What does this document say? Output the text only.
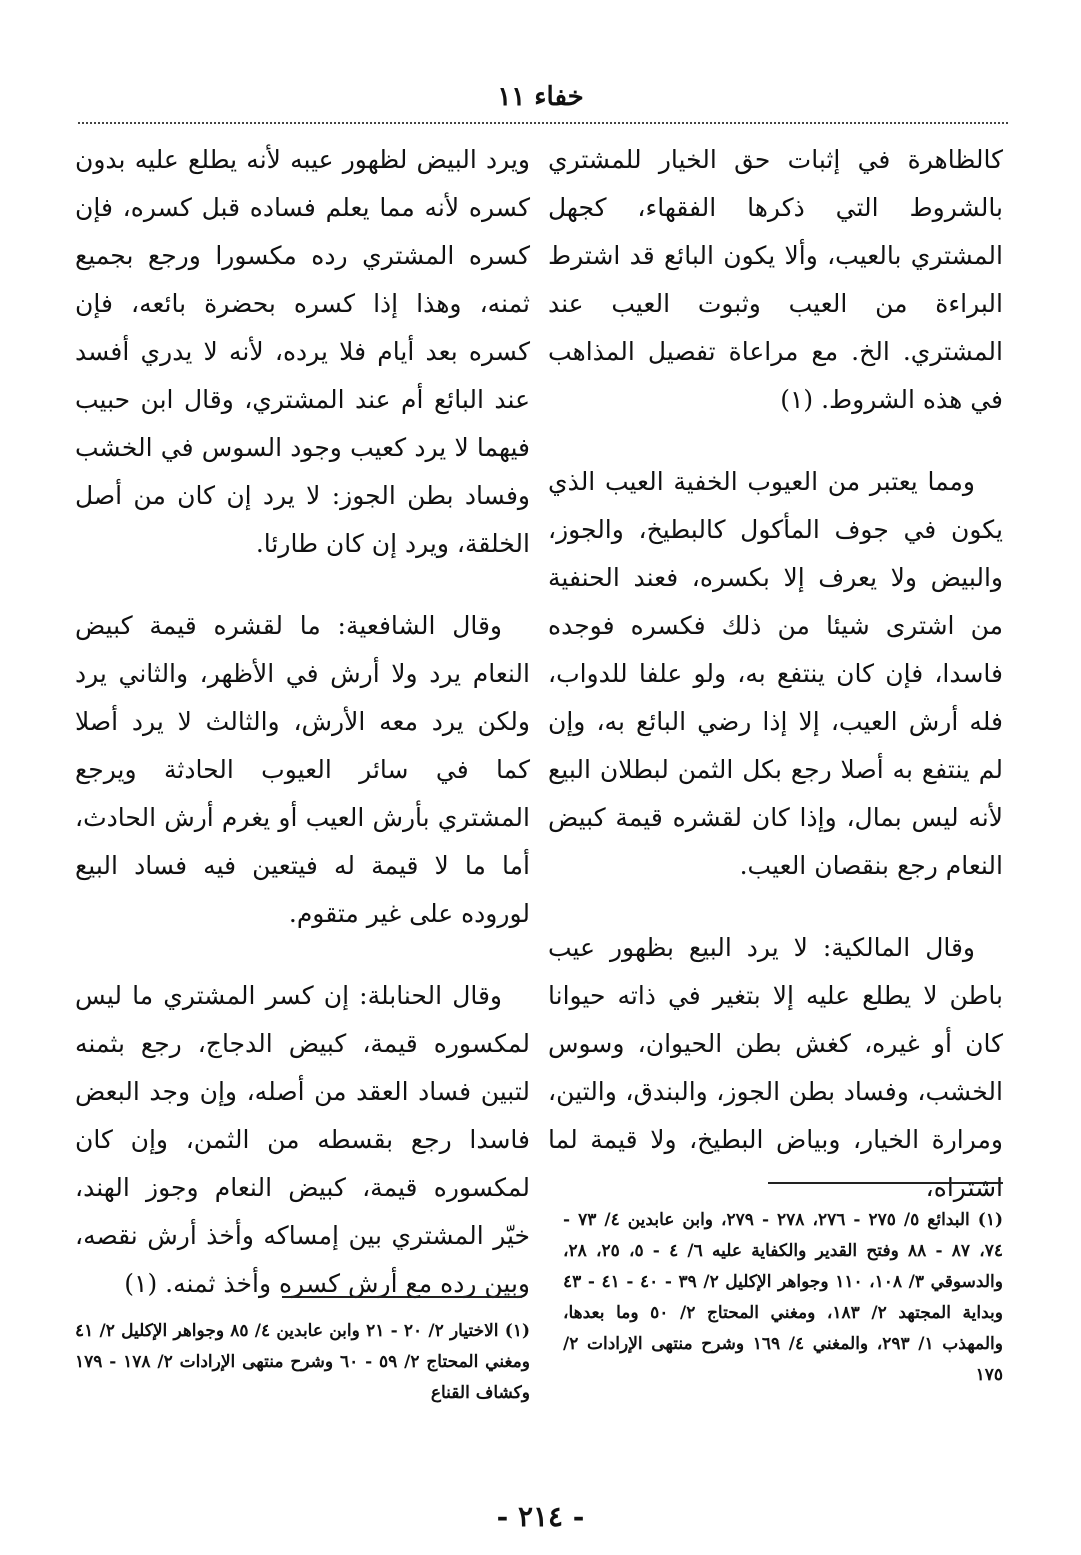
خفاء ١١

كالظاهرة في إثبات حق الخيار للمشتري بالشروط التي ذكرها الفقهاء، كجهل المشتري بالعيب، وألا يكون البائع قد اشترط البراءة من العيب وثبوت العيب عند المشتري. الخ. مع مراعاة تفصيل المذاهب في هذه الشروط. (١)

ومما يعتبر من العيوب الخفية العيب الذي يكون في جوف المأكول كالبطيخ، والجوز، والبيض ولا يعرف إلا بكسره، فعند الحنفية من اشترى شيئا من ذلك فكسره فوجده فاسدا، فإن كان ينتفع به، ولو علفا للدواب، فله أرش العيب، إلا إذا رضي البائع به، وإن لم ينتفع به أصلا رجع بكل الثمن لبطلان البيع لأنه ليس بمال، وإذا كان لقشره قيمة كبيض النعام رجع بنقصان العيب.

وقال المالكية: لا يرد البيع بظهور عيب باطن لا يطلع عليه إلا بتغير في ذاته حيوانا كان أو غيره، كغش بطن الحيوان، وسوس الخشب، وفساد بطن الجوز، والبندق، والتين، ومرارة الخيار، وبياض البطيخ، ولا قيمة لما اشتراه،

ويرد البيض لظهور عيبه لأنه يطلع عليه بدون كسره لأنه مما يعلم فساده قبل كسره، فإن كسره المشتري رده مكسورا ورجع بجميع ثمنه، وهذا إذا كسره بحضرة بائعه، فإن كسره بعد أيام فلا يرده، لأنه لا يدري أفسد عند البائع أم عند المشتري، وقال ابن حبيب فيهما لا يرد كعيب وجود السوس في الخشب وفساد بطن الجوز: لا يرد إن كان من أصل الخلقة، ويرد إن كان طارئا.

وقال الشافعية: ما لقشره قيمة كبيض النعام يرد ولا أرش في الأظهر، والثاني يرد ولكن يرد معه الأرش، والثالث لا يرد أصلا كما في سائر العيوب الحادثة ويرجع المشتري بأرش العيب أو يغرم أرش الحادث، أما ما لا قيمة له فيتعين فيه فساد البيع لوروده على غير متقوم.

وقال الحنابلة: إن كسر المشتري ما ليس لمكسوره قيمة، كبيض الدجاج، رجع بثمنه لتبين فساد العقد من أصله، وإن وجد البعض فاسدا رجع بقسطه من الثمن، وإن كان لمكسوره قيمة، كبيض النعام وجوز الهند، خيّر المشتري بين إمساكه وأخذ أرش نقصه، وبين رده مع أرش كسره وأخذ ثمنه. (١)

(١) البدائع ٥/ ٢٧٥ - ٢٧٦، ٢٧٨ - ٢٧٩، وابن عابدين ٤/ ٧٣ - ٧٤، ٨٧ - ٨٨ وفتح القدير والكفاية عليه ٦/ ٤ - ٥، ٢٥، ٢٨، والدسوقي ٣/ ١٠٨، ١١٠ وجواهر الإكليل ٢/ ٣٩ - ٤٠ - ٤١ - ٤٣ وبداية المجتهد ٢/ ١٨٣، ومغني المحتاج ٢/ ٥٠ وما بعدها، والمهذب ١/ ٢٩٣، والمغني ٤/ ١٦٩ وشرح منتهى الإرادات ٢/ ١٧٥
(١) الاختيار ٢/ ٢٠ - ٢١ وابن عابدين ٤/ ٨٥ وجواهر الإكليل ٢/ ٤١ ومغني المحتاج ٢/ ٥٩ - ٦٠ وشرح منتهى الإرادات ٢/ ١٧٨ - ١٧٩ وكشاف القناع
- ٢١٤ -
